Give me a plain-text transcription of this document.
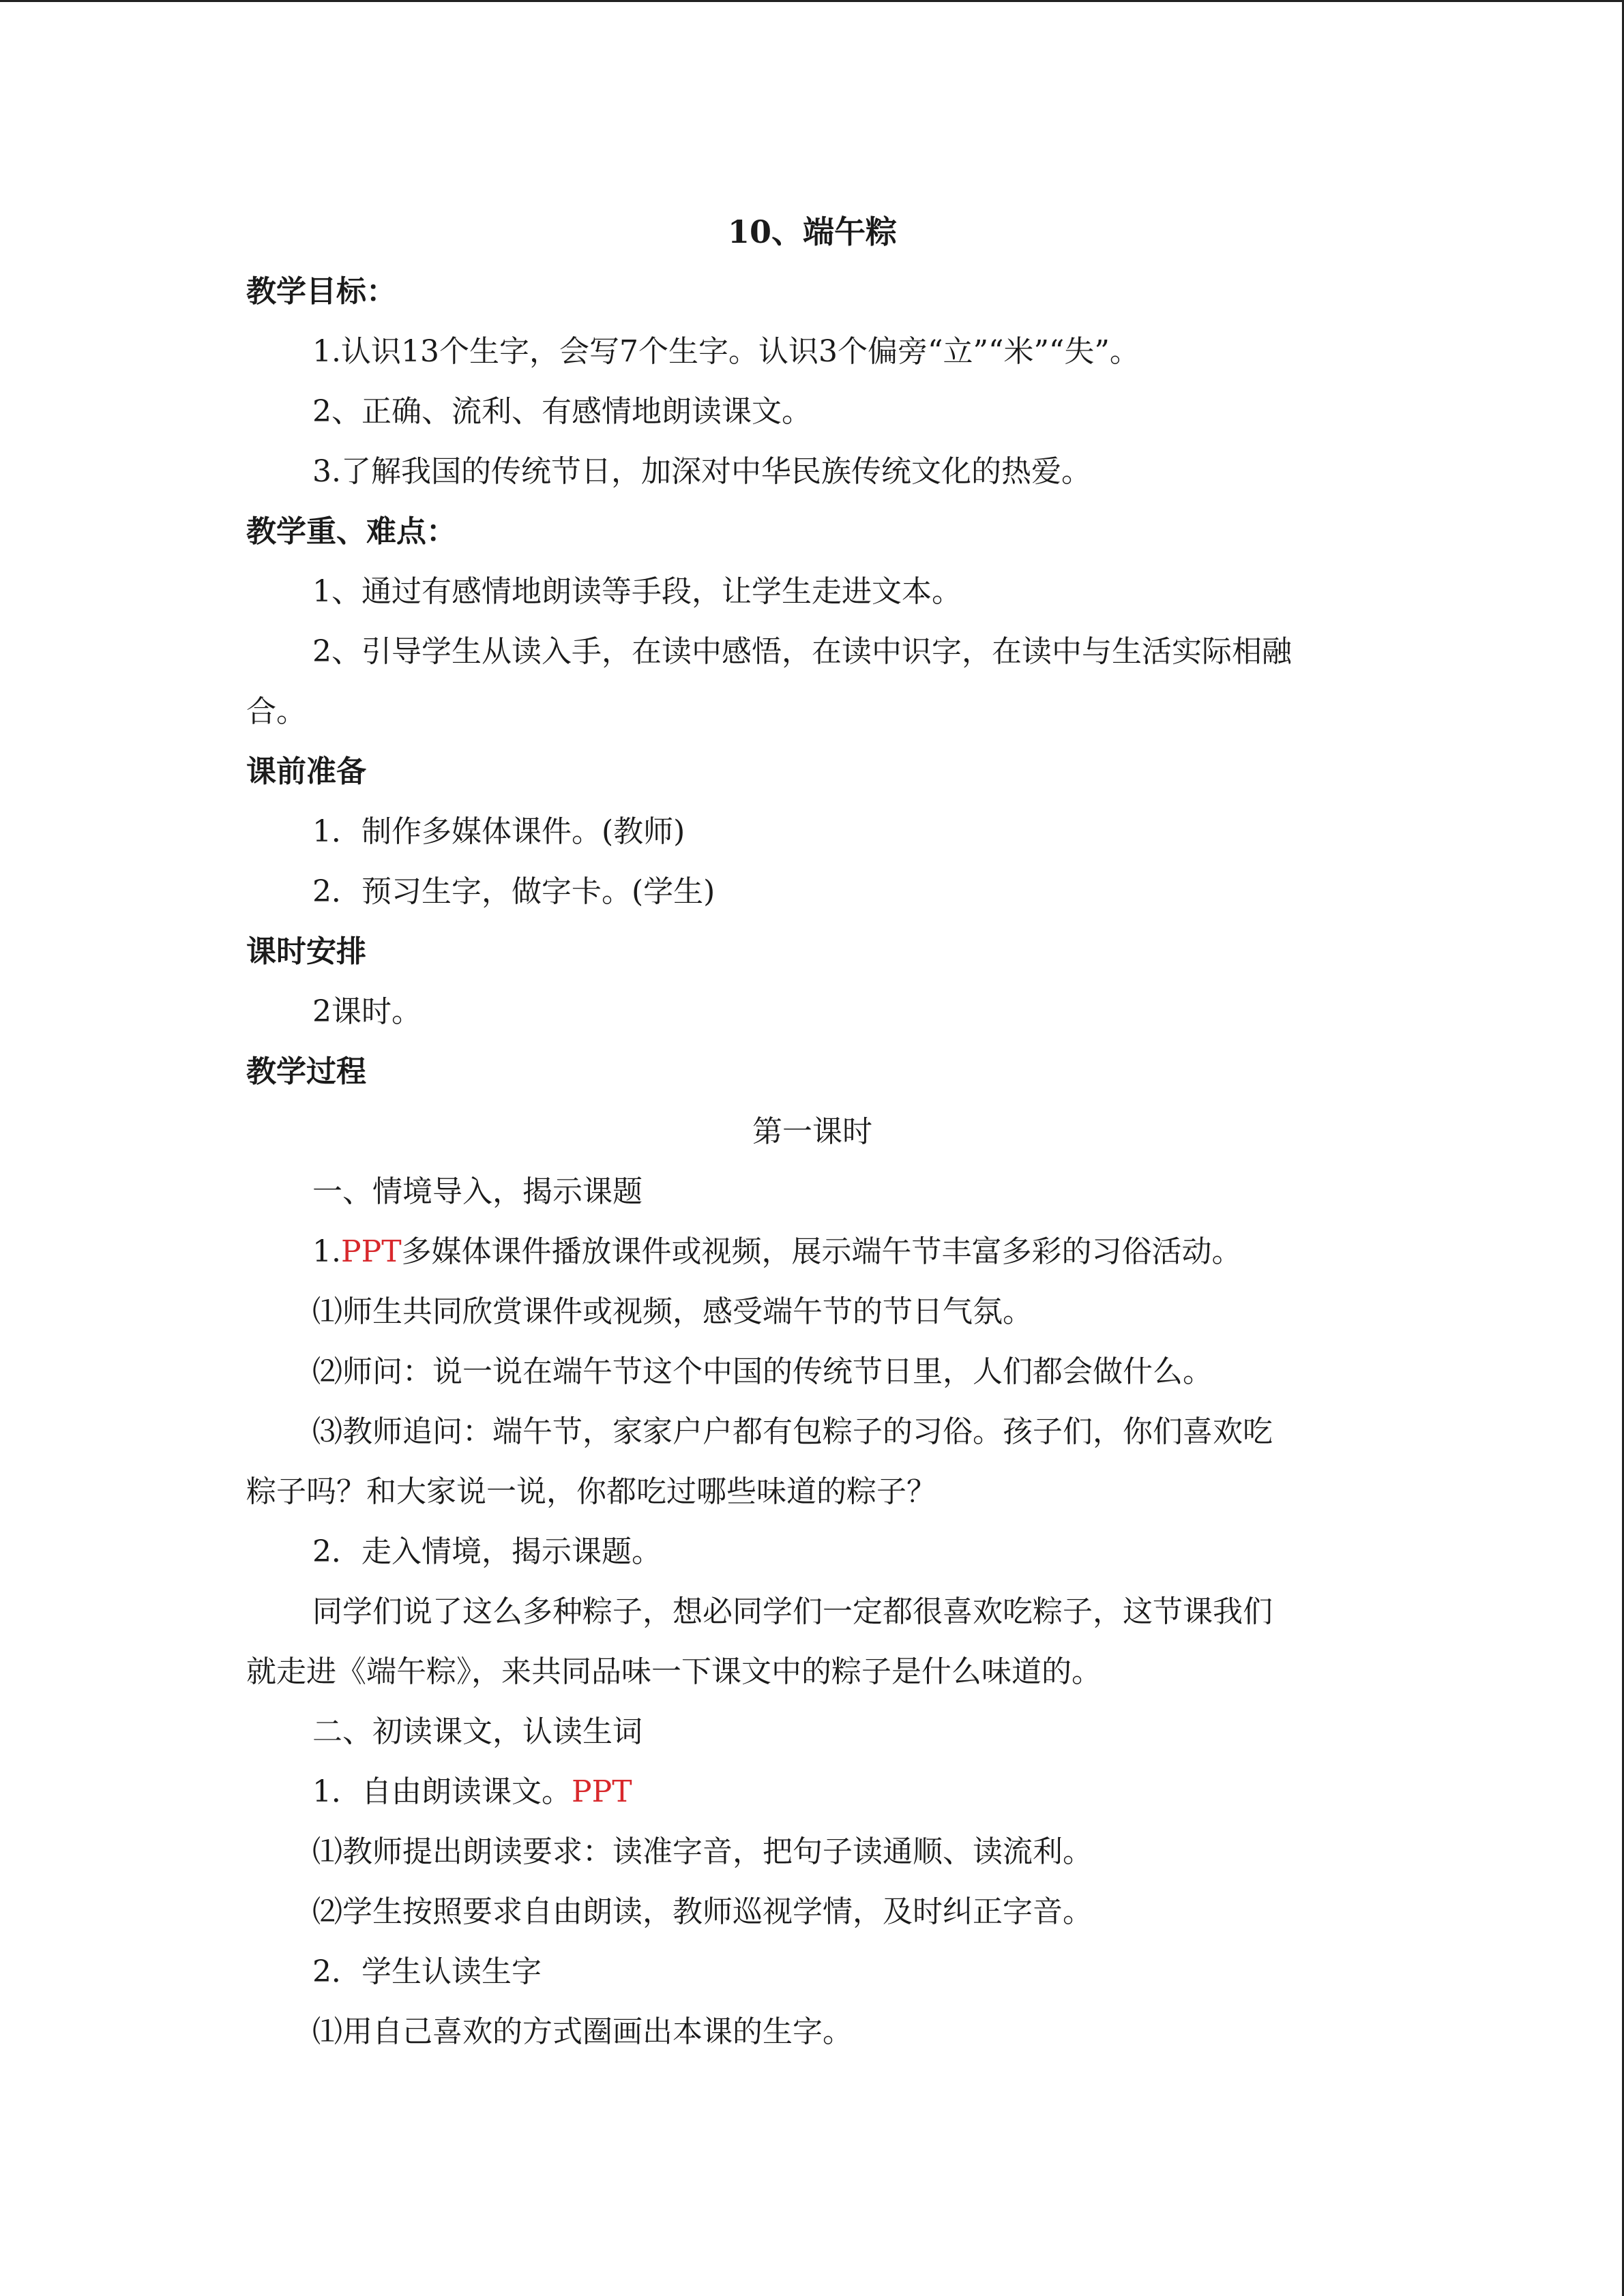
10、端午粽
教学目标：
1.认识13个生字，会写7个生字。认识3个偏旁“立”“米”“失”。
2、正确、流利、有感情地朗读课文。
3.了解我国的传统节日，加深对中华民族传统文化的热爱。
教学重、难点：
1、通过有感情地朗读等手段，让学生走进文本。
2、引导学生从读入手，在读中感悟，在读中识字，在读中与生活实际相融
合。
课前准备
1．制作多媒体课件。(教师)
2．预习生字，做字卡。(学生)
课时安排
2课时。
教学过程
第一课时
一、情境导入，揭示课题
1.PPT多媒体课件播放课件或视频，展示端午节丰富多彩的习俗活动。
⑴师生共同欣赏课件或视频，感受端午节的节日气氛。
⑵师问：说一说在端午节这个中国的传统节日里，人们都会做什么。
⑶教师追问：端午节，家家户户都有包粽子的习俗。孩子们，你们喜欢吃
粽子吗？和大家说一说，你都吃过哪些味道的粽子？
2．走入情境，揭示课题。
同学们说了这么多种粽子，想必同学们一定都很喜欢吃粽子，这节课我们
就走进《端午粽》，来共同品味一下课文中的粽子是什么味道的。
二、初读课文，认读生词
1．自由朗读课文。PPT
⑴教师提出朗读要求：读准字音，把句子读通顺、读流利。
⑵学生按照要求自由朗读，教师巡视学情，及时纠正字音。
2．学生认读生字
⑴用自己喜欢的方式圈画出本课的生字。
